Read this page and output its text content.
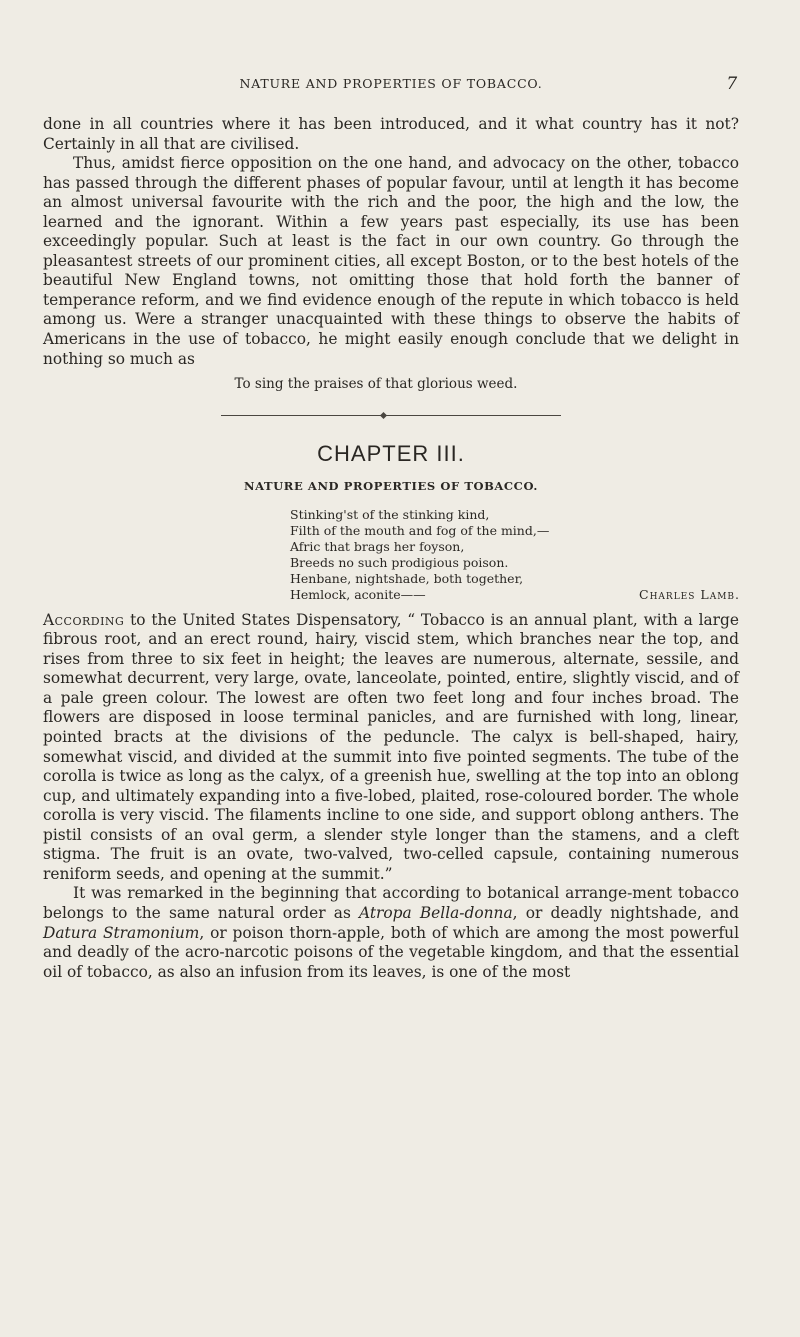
NATURE AND PROPERTIES OF TOBACCO.	7

done in all countries where it has been introduced, and it what country has it not? Certainly in all that are civilised.

Thus, amidst fierce opposition on the one hand, and advocacy on the other, tobacco has passed through the different phases of popular favour, until at length it has become an almost universal favourite with the rich and the poor, the high and the low, the learned and the ignorant. Within a few years past especially, its use has been exceedingly popular. Such at least is the fact in our own country. Go through the pleasantest streets of our prominent cities, all except Boston, or to the best hotels of the beautiful New England towns, not omitting those that hold forth the banner of temperance reform, and we find evidence enough of the repute in which tobacco is held among us. Were a stranger unacquainted with these things to observe the habits of Americans in the use of tobacco, he might easily enough conclude that we delight in nothing so much as

To sing the praises of that glorious weed.

CHAPTER III.

NATURE AND PROPERTIES OF TOBACCO.

Stinking'st of the stinking kind,
Filth of the mouth and fog of the mind,—
Afric that brags her foyson,
Breeds no such prodigious poison.
Henbane, nightshade, both together,
Hemlock, aconite——	Charles Lamb.

According to the United States Dispensatory, “ Tobacco is an annual plant, with a large fibrous root, and an erect round, hairy, viscid stem, which branches near the top, and rises from three to six feet in height; the leaves are numerous, alternate, sessile, and somewhat decurrent, very large, ovate, lanceolate, pointed, entire, slightly viscid, and of a pale green colour. The lowest are often two feet long and four inches broad. The flowers are disposed in loose terminal panicles, and are furnished with long, linear, pointed bracts at the divisions of the peduncle. The calyx is bell-shaped, hairy, somewhat viscid, and divided at the summit into five pointed segments. The tube of the corolla is twice as long as the calyx, of a greenish hue, swelling at the top into an oblong cup, and ultimately expanding into a five-lobed, plaited, rose-coloured border. The whole corolla is very viscid. The filaments incline to one side, and support oblong anthers. The pistil consists of an oval germ, a slender style longer than the stamens, and a cleft stigma. The fruit is an ovate, two-valved, two-celled capsule, containing numerous reniform seeds, and opening at the summit.”

It was remarked in the beginning that according to botanical arrange-ment tobacco belongs to the same natural order as Atropa Bella-donna, or deadly nightshade, and Datura Stramonium, or poison thorn-apple, both of which are among the most powerful and deadly of the acro-narcotic poisons of the vegetable kingdom, and that the essential oil of tobacco, as also an infusion from its leaves, is one of the most
